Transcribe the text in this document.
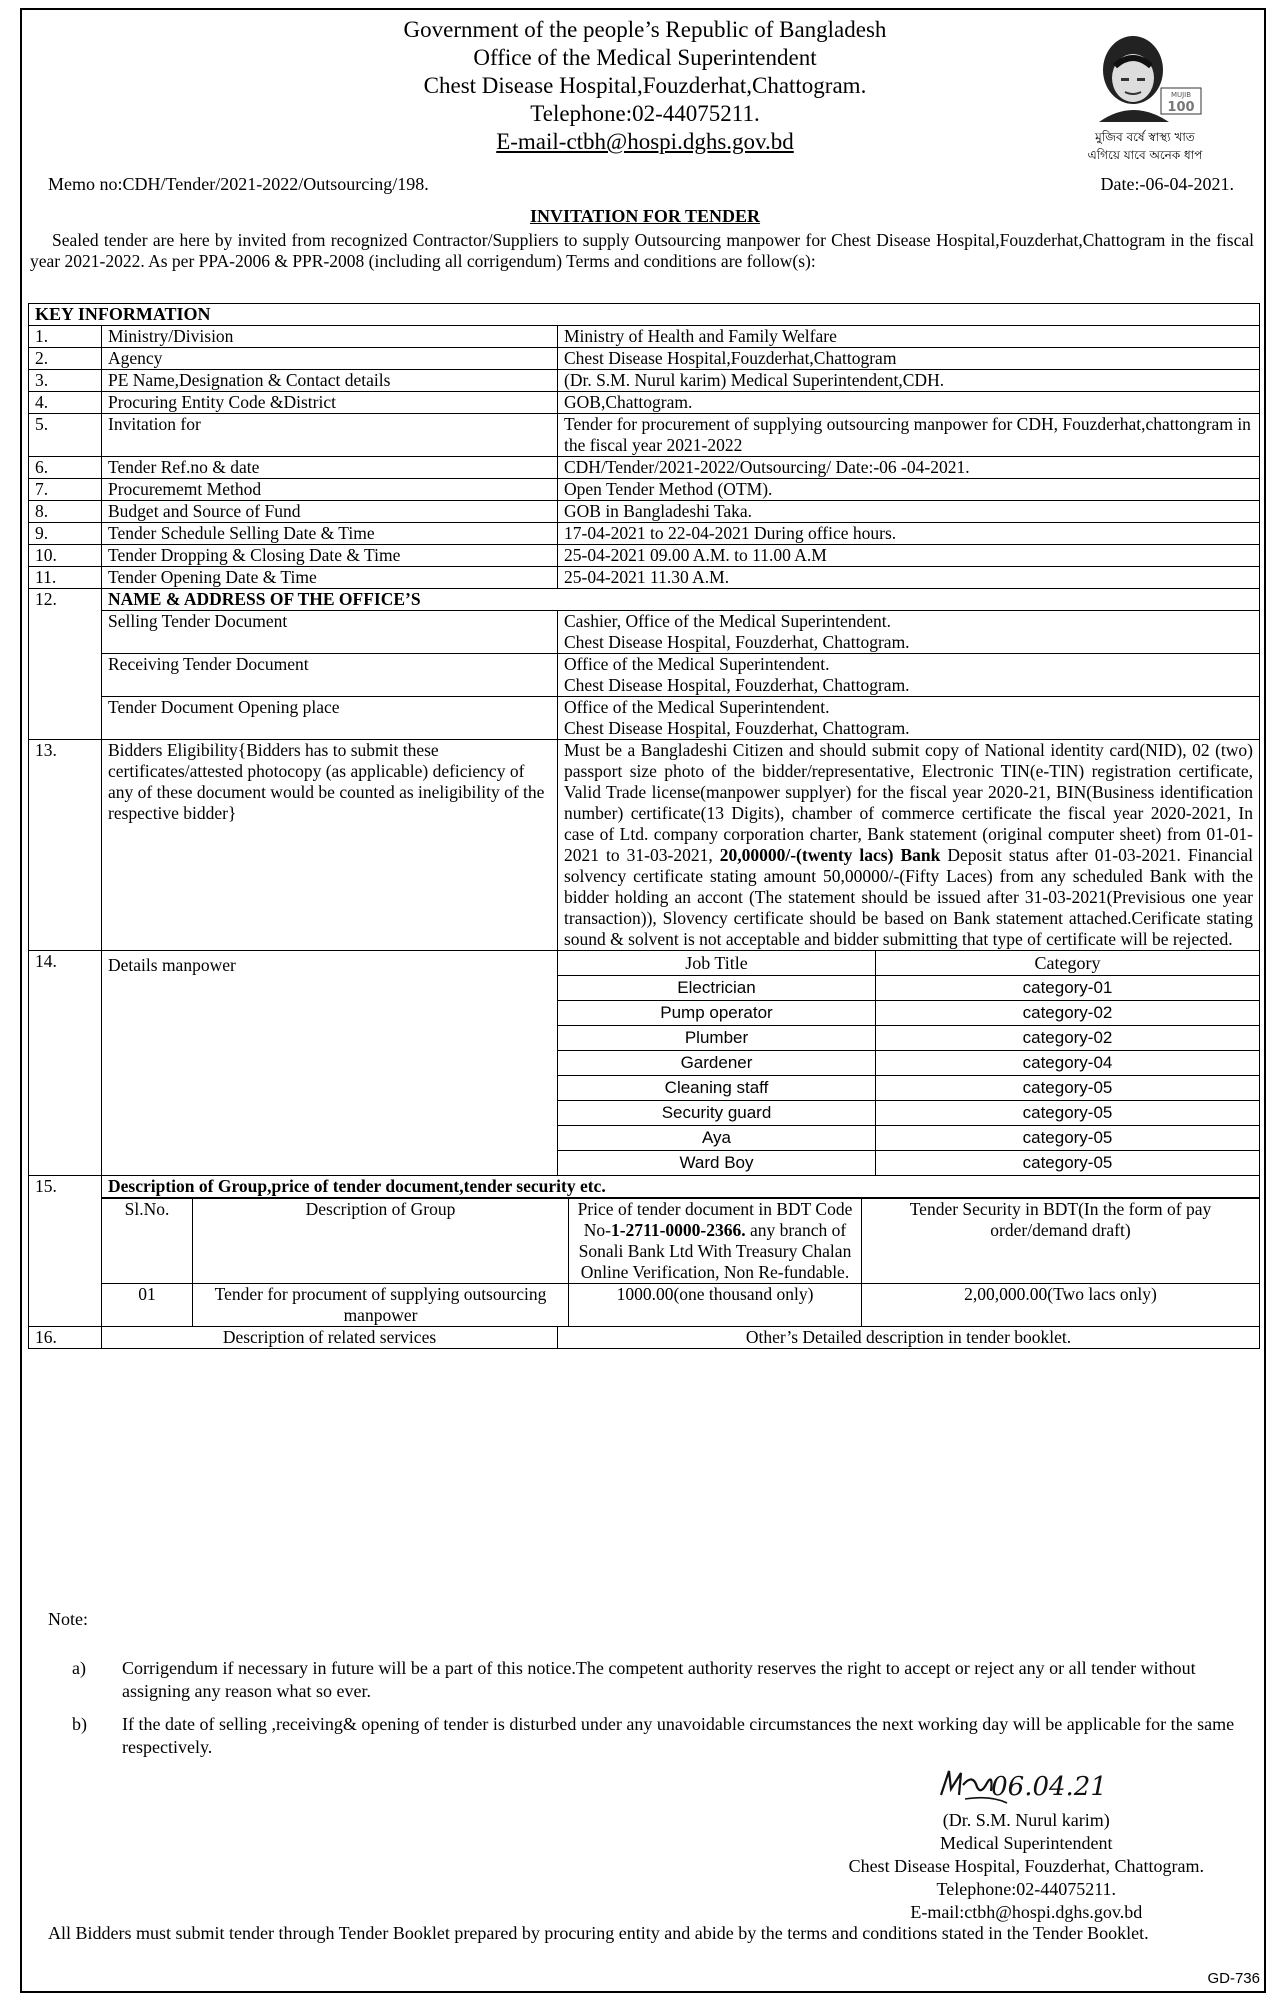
Government of the people’s Republic of Bangladesh
Office of the Medical Superintendent
Chest Disease Hospital,Fouzderhat,Chattogram.
Telephone:02-44075211.
E-mail-ctbh@hospi.dghs.gov.bd
MUJIB
100
মুজিব বর্ষে স্বাস্থ্য খাত
এগিয়ে যাবে অনেক ধাপ
Memo no:CDH/Tender/2021-2022/Outsourcing/198.	Date:-06-04-2021.
INVITATION FOR TENDER
Sealed tender are here by invited from recognized Contractor/Suppliers to supply Outsourcing manpower for Chest Disease Hospital,Fouzderhat,Chattogram in the fiscal year 2021-2022. As per PPA-2006 & PPR-2008 (including all corrigendum) Terms and conditions are follow(s):
KEY INFORMATION
1.	Ministry/Division	Ministry of Health and Family Welfare
2.	Agency	Chest Disease Hospital,Fouzderhat,Chattogram
3.	PE Name,Designation & Contact details	(Dr. S.M. Nurul karim) Medical Superintendent,CDH.
4.	Procuring Entity Code &District	GOB,Chattogram.
5.	Invitation for	Tender for procurement of supplying outsourcing manpower for CDH, Fouzderhat,chattongram in the fiscal year 2021-2022
6.	Tender Ref.no & date	CDH/Tender/2021-2022/Outsourcing/ Date:-06 -04-2021.
7.	Procurememt Method	Open Tender Method (OTM).
8.	Budget and Source of Fund	GOB in Bangladeshi Taka.
9.	Tender Schedule Selling Date & Time	17-04-2021 to 22-04-2021 During office hours.
10.	Tender Dropping & Closing Date & Time	25-04-2021 09.00 A.M. to 11.00 A.M
11.	Tender Opening Date & Time	25-04-2021 11.30 A.M.
12.	NAME & ADDRESS OF THE OFFICE’S
Selling Tender Document	Cashier, Office of the Medical Superintendent.
Chest Disease Hospital, Fouzderhat, Chattogram.

Receiving Tender Document	Office of the Medical Superintendent.
Chest Disease Hospital, Fouzderhat, Chattogram.

Tender Document Opening place	Office of the Medical Superintendent.
Chest Disease Hospital, Fouzderhat, Chattogram.

13.	Bidders Eligibility{Bidders has to submit these certificates/attested photocopy (as applicable) deficiency of any of these document would be counted as ineligibility of the respective bidder}	Must be a Bangladeshi Citizen and should submit copy of National identity card(NID), 02 (two) passport size photo of the bidder/representative, Electronic TIN(e-TIN) registration certificate, Valid Trade license(manpower supplyer) for the fiscal year 2020-21, BIN(Business identification number) certificate(13 Digits), chamber of commerce certificate the fiscal year 2020-2021, In case of Ltd. company corporation charter, Bank statement (original computer sheet) from 01-01-2021 to 31-03-2021, 20,00000/-(twenty lacs) Bank Deposit status after 01-03-2021. Financial solvency certificate stating amount 50,00000/-(Fifty Laces) from any scheduled Bank with the bidder holding an accont (The statement should be issued after 31-03-2021(Previsious one year transaction)), Slovency certificate should be based on Bank statement attached.Cerificate stating sound & solvent is not acceptable and bidder submitting that type of certificate will be rejected.
14.	Details manpower		Job Title	Category
Electrician	category-01
Pump operator	category-02
Plumber	category-02
Gardener	category-04
Cleaning staff	category-05
Security guard	category-05
Aya	category-05
Ward Boy	category-05

15.	Description of Group,price of tender document,tender security etc.

Sl.No.	Description of Group	Price of tender document in BDT Code No-1-2711-0000-2366. any branch of Sonali Bank Ltd With Treasury Chalan Online Verification, Non Re-fundable.	Tender Security in BDT(In the form of pay order/demand draft)
01	Tender for procument of supplying outsourcing manpower	1000.00(one thousand only)	2,00,000.00(Two lacs only)

16.	Description of related services	Other’s Detailed description in tender booklet.
Note:
a)	Corrigendum if necessary in future will be a part of this notice.The competent authority reserves the right to accept or reject any or all tender without assigning any reason what so ever.
b)	If the date of selling ,receiving& opening of tender is disturbed under any unavoidable circumstances the next working day will be applicable for the same respectively.
06.04.21
(Dr. S.M. Nurul karim)
Medical Superintendent
Chest Disease Hospital, Fouzderhat, Chattogram.
Telephone:02-44075211.
E-mail:ctbh@hospi.dghs.gov.bd
All Bidders must submit tender through Tender Booklet prepared by procuring entity and abide by the terms and conditions stated in the Tender Booklet.
GD-736
